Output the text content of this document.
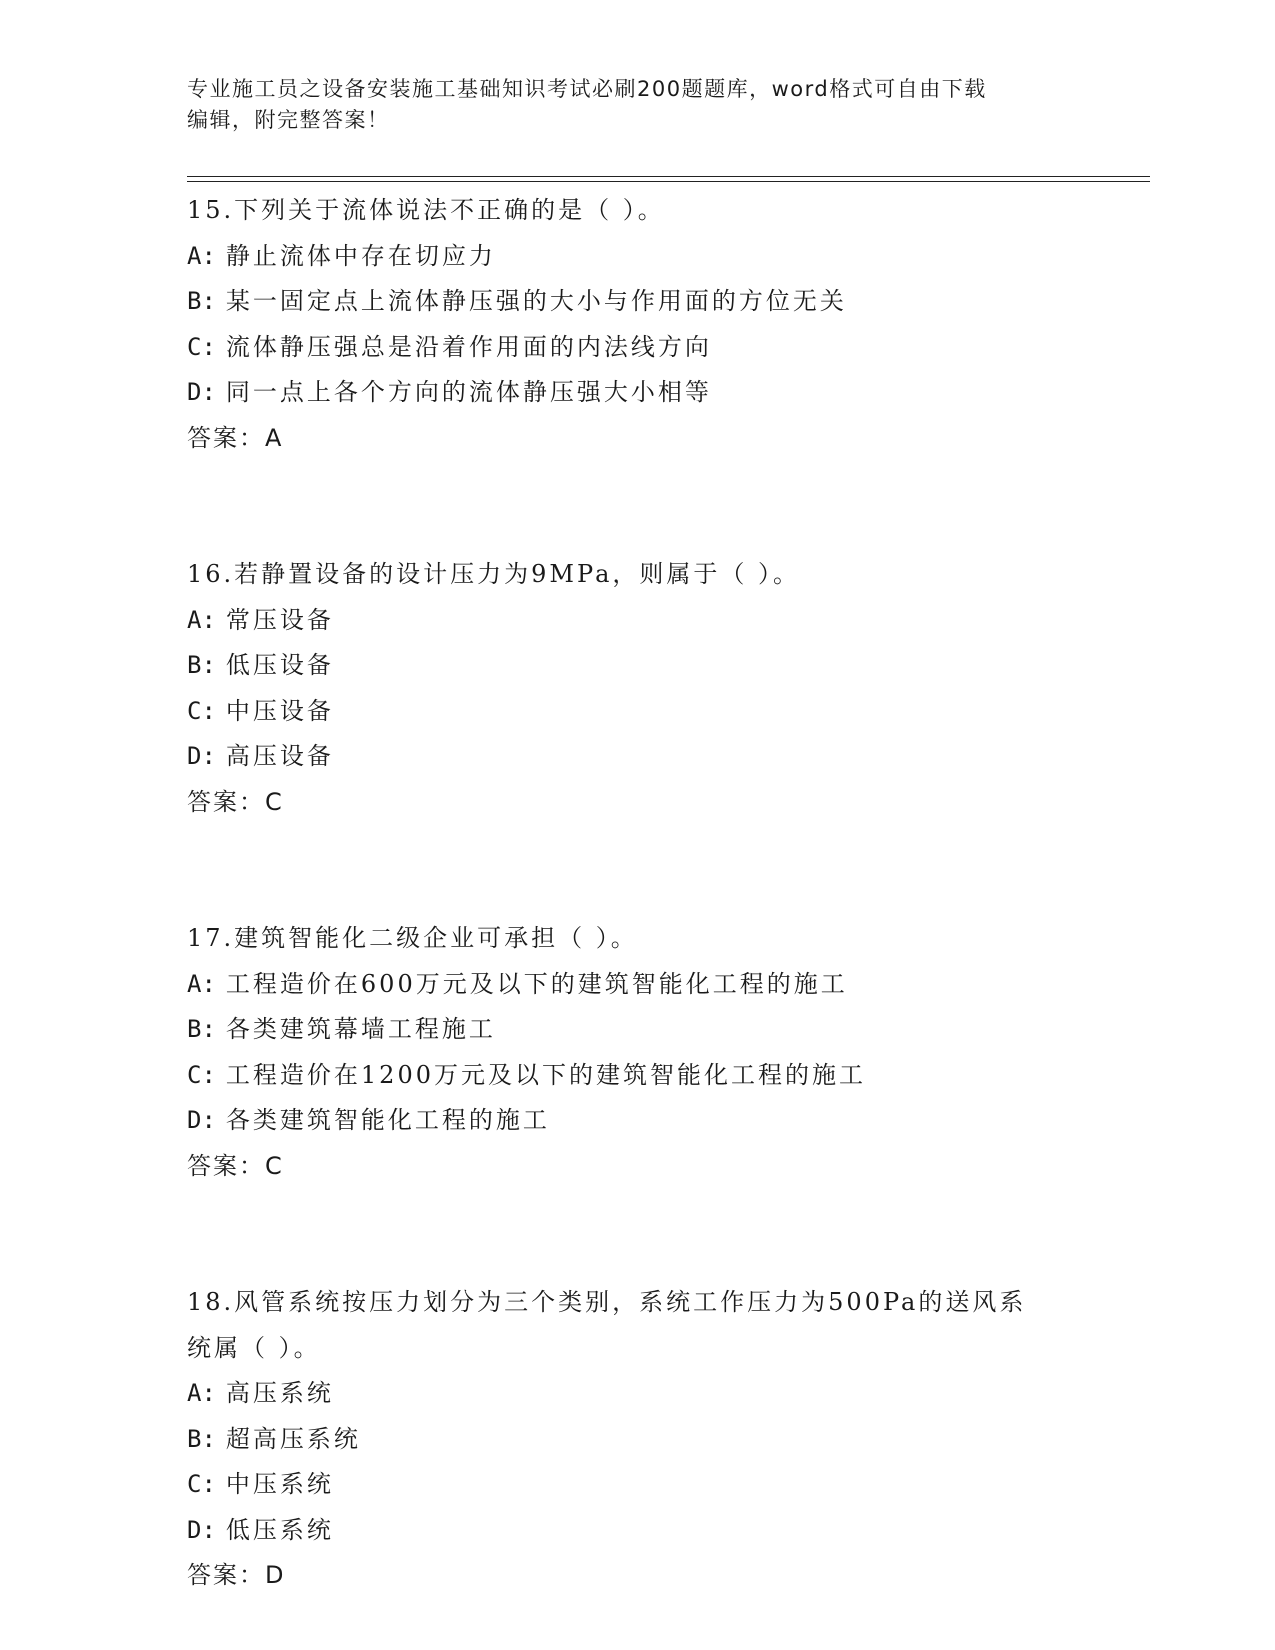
专业施工员之设备安装施工基础知识考试必刷200题题库，word格式可自由下载
编辑，附完整答案！
15.下列关于流体说法不正确的是（ ）。
A: 静止流体中存在切应力
B: 某一固定点上流体静压强的大小与作用面的方位无关
C: 流体静压强总是沿着作用面的内法线方向
D: 同一点上各个方向的流体静压强大小相等
答案：A
16.若静置设备的设计压力为9MPa，则属于（ ）。
A: 常压设备
B: 低压设备
C: 中压设备
D: 高压设备
答案：C
17.建筑智能化二级企业可承担（ ）。
A: 工程造价在600万元及以下的建筑智能化工程的施工
B: 各类建筑幕墙工程施工
C: 工程造价在1200万元及以下的建筑智能化工程的施工
D: 各类建筑智能化工程的施工
答案：C
18.风管系统按压力划分为三个类别，系统工作压力为500Pa的送风系
统属（ ）。
A: 高压系统
B: 超高压系统
C: 中压系统
D: 低压系统
答案：D
